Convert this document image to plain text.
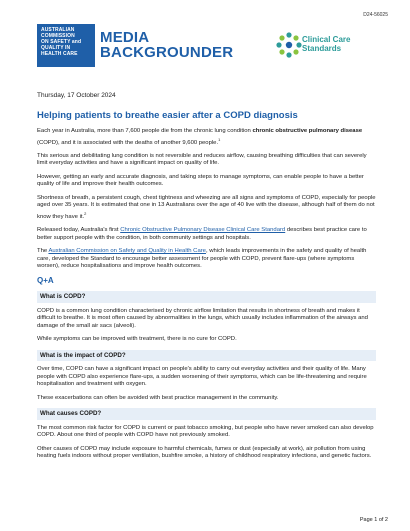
D24-56025
AUSTRALIAN
COMMISSION
ON SAFETY and
QUALITY IN
HEALTH CARE
MEDIA
BACKGROUNDER
Clinical Care
Standards
Thursday, 17 October 2024
Helping patients to breathe easier after a COPD diagnosis

Each year in Australia, more than 7,600 people die from the chronic lung condition chronic obstructive pulmonary disease (COPD), and it is associated with the deaths of another 9,600 people.$^1$

This serious and debilitating lung condition is not reversible and reduces airflow, causing breathing difficulties that can severely limit everyday activities and have a significant impact on quality of life.

However, getting an early and accurate diagnosis, and taking steps to manage symptoms, can enable people to have a better quality of life and improve their health outcomes.

Shortness of breath, a persistent cough, chest tightness and wheezing are all signs and symptoms of COPD, especially for people aged over 35 years. It is estimated that one in 13 Australians over the age of 40 live with the disease, although half of them do not know they have it.$^2$

Released today, Australia's first Chronic Obstructive Pulmonary Disease Clinical Care Standard describes best practice care to better support people with the condition, in both community settings and hospitals.

The Australian Commission on Safety and Quality in Health Care, which leads improvements in the safety and quality of health care, developed the Standard to encourage better assessment for people with COPD, prevent flare-ups (where symptoms worsen), reduce hospitalisations and improve health outcomes.

Q+A
What is COPD?

COPD is a common lung condition characterised by chronic airflow limitation that results in shortness of breath and makes it difficult to breathe. It is most often caused by abnormalities in the lungs, which usually includes inflammation of the airways and damage of the small air sacs (alveoli).

While symptoms can be improved with treatment, there is no cure for COPD.

What is the impact of COPD?

Over time, COPD can have a significant impact on people's ability to carry out everyday activities and their quality of life. Many people with COPD also experience flare-ups, a sudden worsening of their symptoms, which can be life-threatening and require hospitalisation and treatment with oxygen.

These exacerbations can often be avoided with best practice management in the community.

What causes COPD?

The most common risk factor for COPD is current or past tobacco smoking, but people who have never smoked can also develop COPD. About one third of people with COPD have not previously smoked.

Other causes of COPD may include exposure to harmful chemicals, fumes or dust (especially at work), air pollution from using heating fuels indoors without proper ventilation, bushfire smoke, a history of childhood respiratory infections, and genetic factors.

Page 1 of 2
